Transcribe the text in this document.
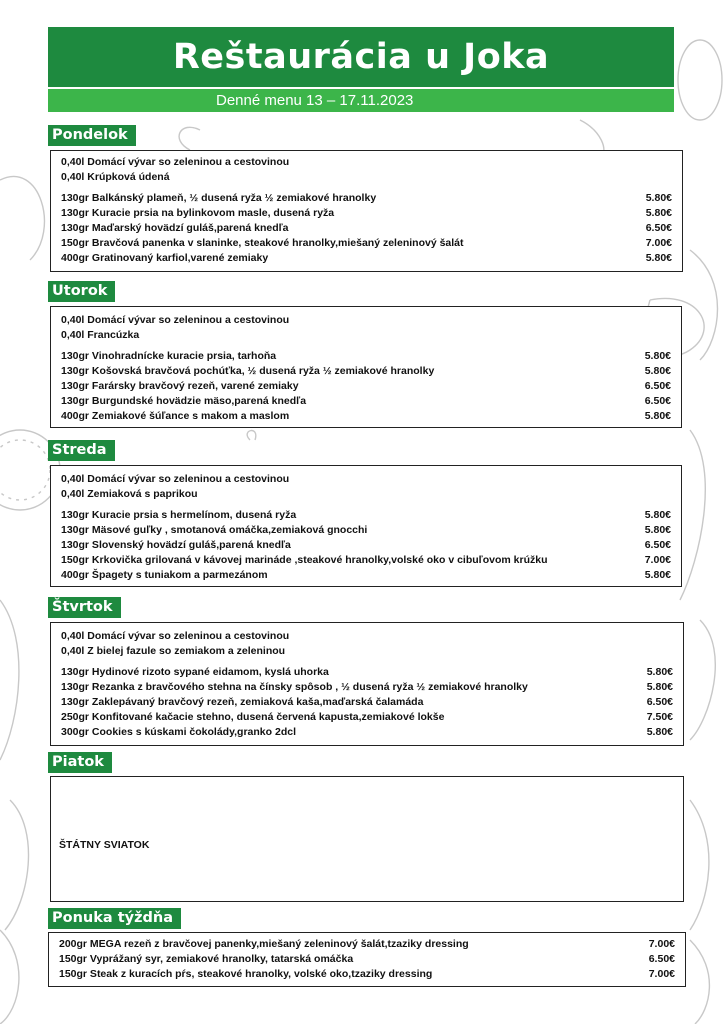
Reštaurácia u Joka
Denné menu 13 – 17.11.2023
Pondelok
0,40l Domácí vývar so zeleninou a cestovinou
0,40l Krúpková údená
130gr Balkánský plameň, ½ dusená ryža ½ zemiakové hranolky	5.80€
130gr Kuracie prsia na bylinkovom masle, dusená ryža	5.80€
130gr Maďarský hovädzí guláš,parená knedľa	6.50€
150gr Bravčová panenka v slaninke, steakové hranolky,miešaný zeleninový šalát	7.00€
400gr Gratinovaný karfiol,varené zemiaky	5.80€
Utorok
0,40l Domácí vývar so zeleninou a cestovinou
0,40l Francúzka
130gr Vinohradnícke kuracie prsia, tarhoňa	5.80€
130gr Košovská bravčová pochúťka, ½ dusená ryža ½ zemiakové hranolky	5.80€
130gr Farársky bravčový rezeň, varené zemiaky	6.50€
130gr Burgundské hovädzie mäso,parená knedľa	6.50€
400gr Zemiakové šúľance s makom a maslom	5.80€
Streda
0,40l Domácí vývar so zeleninou a cestovinou
0,40l Zemiaková s paprikou
130gr Kuracie prsia s hermelínom, dusená ryža	5.80€
130gr Mäsové guľky , smotanová omáčka,zemiaková gnocchi	5.80€
130gr Slovenský hovädzí guláš,parená knedľa	6.50€
150gr Krkovička grilovaná v kávovej marináde ,steakové hranolky,volské oko v cibuľovom krúžku	7.00€
400gr Špagety s tuniakom a parmezánom	5.80€
Štvrtok
0,40l Domácí vývar so zeleninou a cestovinou
0,40l Z bielej fazule so zemiakom a zeleninou
130gr Hydinové rizoto sypané eidamom, kyslá uhorka	5.80€
130gr Rezanka z bravčového stehna na čínsky spôsob , ½ dusená ryža ½ zemiakové hranolky	5.80€
130gr Zaklepávaný bravčový rezeň, zemiaková kaša,maďarská čalamáda	6.50€
250gr Konfitované kačacie stehno, dusená červená kapusta,zemiakové lokše	7.50€
300gr Cookies s kúskami čokolády,granko 2dcl	5.80€
Piatok
ŠTÁTNY SVIATOK
Ponuka týždňa
200gr MEGA rezeň z bravčovej panenky,miešaný zeleninový šalát,tzaziky dressing	7.00€
150gr Vyprážaný syr, zemiakové hranolky, tatarská omáčka	6.50€
150gr Steak z kuracích pŕs, steakové hranolky, volské oko,tzaziky dressing	7.00€
